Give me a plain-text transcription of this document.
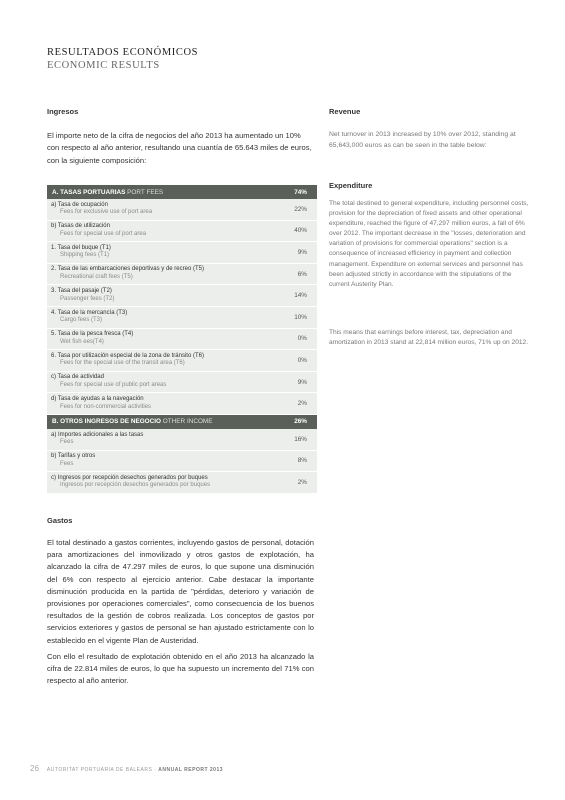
RESULTADOS ECONÓMICOS
ECONOMIC RESULTS
Ingresos
El importe neto de la cifra de negocios del año 2013 ha aumentado un 10% con respecto al año anterior, resultando una cuantía de 65.643 miles de euros, con la siguiente composición:
Revenue
Net turnover in 2013 increased by 10% over 2012, standing at 65,643,000 euros as can be seen in the table below:
Expenditure
The total destined to general expenditure, including personnel costs, provision for the depreciation of fixed assets and other operational expenditure, reached the figure of 47,297 million euros, a fall of 6% over 2012. The important decrease in the "losses, deterioration and variation of provisions for commercial operations" section is a consequence of increased efficiency in payment and collection management. Expenditure on external services and personnel has been adjusted strictly in accordance with the stipulations of the current Austerity Plan.
This means that earnings before interest, tax, depreciation and amortization in 2013 stand at 22,814 million euros, 71% up on 2012.
A. TASAS PORTUARIAS PORT FEES	74%

a) Tasa de ocupación
Fees for exclusive use of port area	22%

b) Tasas de utilización
Fees for special use of port area	40%

1. Tasa del buque (T1)
Shipping fees (T1)	9%

2. Tasa de las embarcaciones deportivas y de recreo (T5)
Recreational craft fees (T5)	6%

3. Tasa del pasaje (T2)
Passenger fees (T2)	14%

4. Tasa de la mercancía (T3)
Cargo fees (T3)	10%

5. Tasa de la pesca fresca (T4)
Wet fish ees(T4)	0%

6. Tasa por utilización especial de la zona de tránsito (T6)
Fees for the special use of the transit area (T6)	0%

c) Tasa de actividad
Fees for special use of public port areas	9%

d) Tasa de ayudas a la navegación
Fees for non-commercial activities	2%
B. OTROS INGRESOS DE NEGOCIO OTHER INCOME	26%

a) Importes adicionales a las tasas
Fees	16%

b) Tarifas y otros
Fees	8%

c) Ingresos por recepción desechos generados por buques
Ingresos por recepción desechos generados por buques	2%
Gastos
El total destinado a gastos corrientes, incluyendo gastos de personal, dotación para amortizaciones del inmovilizado y otros gastos de explotación, ha alcanzado la cifra de 47.297 miles de euros, lo que supone una disminución del 6% con respecto al ejercicio anterior. Cabe destacar la importante disminución producida en la partida de "pérdidas, deterioro y variación de provisiones por operaciones comerciales", como consecuencia de los buenos resultados de la gestión de cobros realizada. Los conceptos de gastos por servicios exteriores y gastos de personal se han ajustado estrictamente con lo establecido en el vigente Plan de Austeridad.
Con ello el resultado de explotación obtenido en el año 2013 ha alcanzado la cifra de 22.814 miles de euros, lo que ha supuesto un incremento del 71% con respecto al año anterior.
26 AUTORITAT PORTUÀRIA DE BALEARS · ANNUAL REPORT 2013
